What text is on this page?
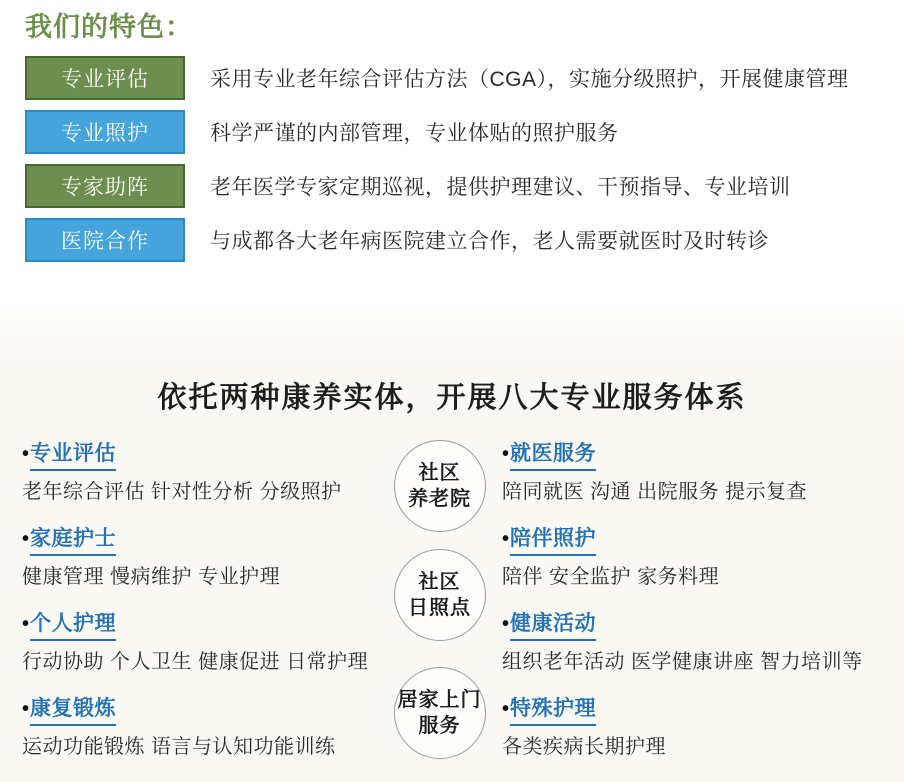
我们的特色：
专业评估	采用专业老年综合评估方法（CGA），实施分级照护，开展健康管理
专业照护	科学严谨的内部管理，专业体贴的照护服务
专家助阵	老年医学专家定期巡视，提供护理建议、干预指导、专业培训
医院合作	与成都各大老年病医院建立合作，老人需要就医时及时转诊
依托两种康养实体，开展八大专业服务体系
• 专业评估
老年综合评估 针对性分析 分级照护
• 家庭护士
健康管理 慢病维护 专业护理
• 个人护理
行动协助 个人卫生 健康促进 日常护理
• 康复锻炼
运动功能锻炼 语言与认知功能训练
社区
养老院
社区
日照点
居家上门
服务
• 就医服务
陪同就医 沟通 出院服务 提示复查
• 陪伴照护
陪伴 安全监护 家务料理
• 健康活动
组织老年活动 医学健康讲座 智力培训等
• 特殊护理
各类疾病长期护理
